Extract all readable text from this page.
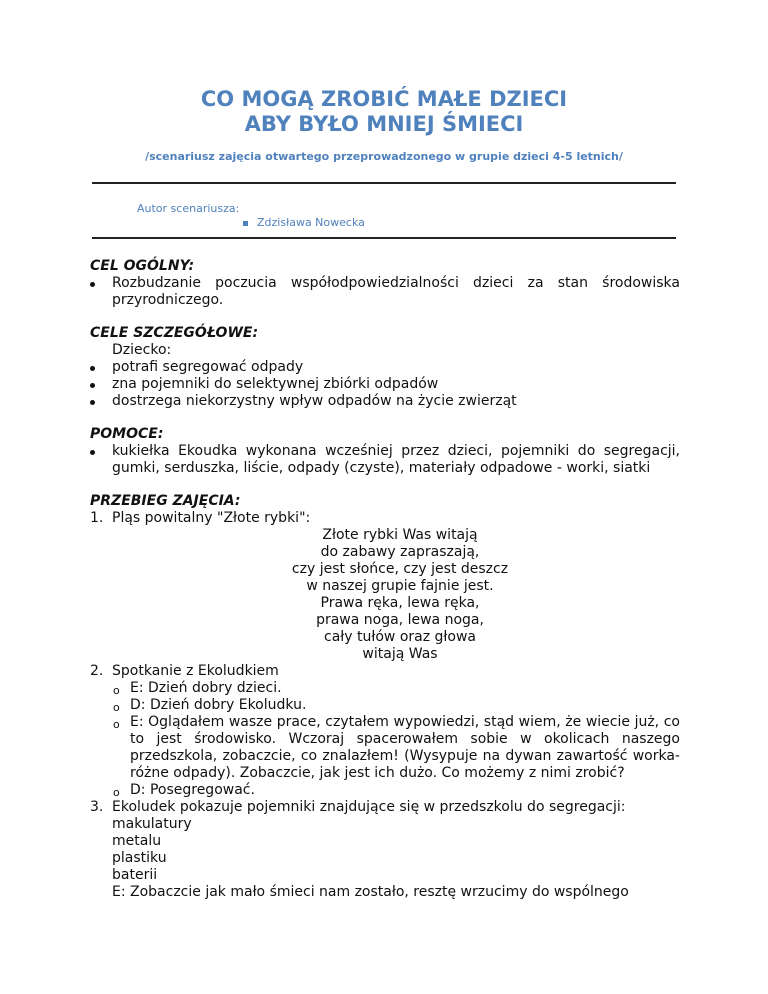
CO MOGĄ ZROBIĆ MAŁE DZIECI
ABY BYŁO MNIEJ ŚMIECI
/scenariusz zajęcia otwartego przeprowadzonego w grupie dzieci 4-5 letnich/
Autor scenariusza:
Zdzisława Nowecka

CEL OGÓLNY:

Rozbudzanie poczucia współodpowiedzialności dzieci za stan środowiska przyrodniczego.

CELE SZCZEGÓŁOWE:

Dziecko:
potrafi segregować odpady
zna pojemniki do selektywnej zbiórki odpadów
dostrzega niekorzystny wpływ odpadów na życie zwierząt

POMOCE:

kukiełka Ekoudka wykonana wcześniej przez dzieci, pojemniki do segregacji, gumki, serduszka, liście, odpady (czyste), materiały odpadowe - worki, siatki

PRZEBIEG ZAJĘCIA:

1. Pląs powitalny "Złote rybki":
Złote rybki Was witają
do zabawy zapraszają,
czy jest słońce, czy jest deszcz
w naszej grupie fajnie jest.
Prawa ręka, lewa ręka,
prawa noga, lewa noga,
cały tułów oraz głowa
witają Was
2. Spotkanie z Ekoludkiem
o E: Dzień dobry dzieci.
o D: Dzień dobry Ekoludku.
o E: Oglądałem wasze prace, czytałem wypowiedzi, stąd wiem, że wiecie już, co to jest środowisko. Wczoraj spacerowałem sobie w okolicach naszego przedszkola, zobaczcie, co znalazłem! (Wysypuje na dywan zawartość worka- różne odpady). Zobaczcie, jak jest ich dużo. Co możemy z nimi zrobić?
o D: Posegregować.
3. Ekoludek pokazuje pojemniki znajdujące się w przedszkolu do segregacji:
makulatury
metalu
plastiku
baterii
E: Zobaczcie jak mało śmieci nam zostało, resztę wrzucimy do wspólnego
